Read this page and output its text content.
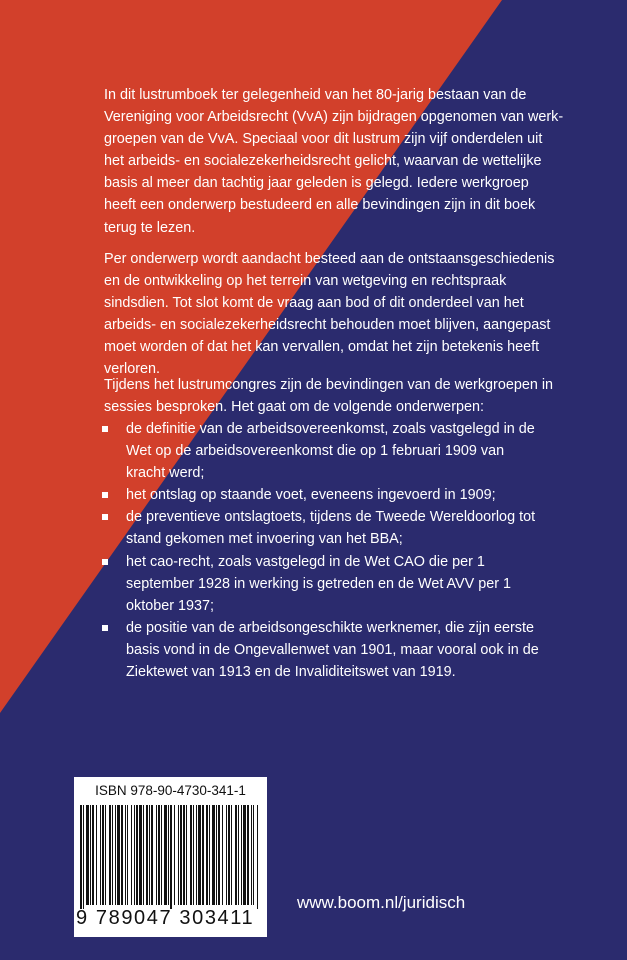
In dit lustrumboek ter gelegenheid van het 80-jarig bestaan van de Vereniging voor Arbeidsrecht (VvA) zijn bijdragen opgenomen van werk-groepen van de VvA. Speciaal voor dit lustrum zijn vijf onderdelen uit het arbeids- en socialezekerheidsrecht gelicht, waarvan de wettelijke basis al meer dan tachtig jaar geleden is gelegd. Iedere werkgroep heeft een onderwerp bestudeerd en alle bevindingen zijn in dit boek terug te lezen.

Per onderwerp wordt aandacht besteed aan de ontstaansgeschiedenis en de ontwikkeling op het terrein van wetgeving en rechtspraak sindsdien. Tot slot komt de vraag aan bod of dit onderdeel van het arbeids- en socialezekerheidsrecht behouden moet blijven, aangepast moet worden of dat het kan vervallen, omdat het zijn betekenis heeft verloren.

Tijdens het lustrumcongres zijn de bevindingen van de werkgroepen in sessies besproken. Het gaat om de volgende onderwerpen:

de definitie van de arbeidsovereenkomst, zoals vastgelegd in de Wet op de arbeidsovereenkomst die op 1 februari 1909 van kracht werd;
het ontslag op staande voet, eveneens ingevoerd in 1909;
de preventieve ontslagtoets, tijdens de Tweede Wereldoorlog tot stand gekomen met invoering van het BBA;
het cao-recht, zoals vastgelegd in de Wet CAO die per 1 september 1928 in werking is getreden en de Wet AVV per 1 oktober 1937;
de positie van de arbeidsongeschikte werknemer, die zijn eerste basis vond in de Ongevallenwet van 1901, maar vooral ook in de Ziektewet van 1913 en de Invaliditeitswet van 1919.
ISBN 978-90-4730-341-1
9 789047 303411
www.boom.nl/juridisch
